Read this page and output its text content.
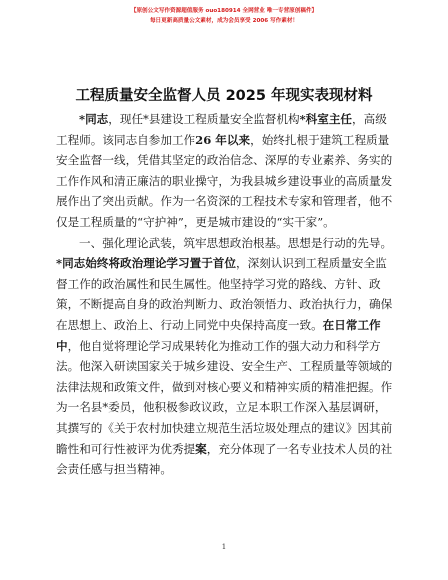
【原创公文写作资源超值服务 ouo180914 全网营业 唯一专营原创稿件】
每日更新高质量公文素材，成为会员享受 2006 写作素材！
工程质量安全监督人员 2025 年现实表现材料

*同志，现任*县建设工程质量安全监督机构*科室主任，高级工程师。该同志自参加工作26 年以来，始终扎根于建筑工程质量安全监督一线，凭借其坚定的政治信念、深厚的专业素养、务实的工作作风和清正廉洁的职业操守，为我县城乡建设事业的高质量发展作出了突出贡献。作为一名资深的工程技术专家和管理者，他不仅是工程质量的“守护神”，更是城市建设的“实干家”。

一、强化理论武装，筑牢思想政治根基。思想是行动的先导。*同志始终将政治理论学习置于首位，深刻认识到工程质量安全监督工作的政治属性和民生属性。他坚持学习党的路线、方针、政策，不断提高自身的政治判断力、政治领悟力、政治执行力，确保在思想上、政治上、行动上同党中央保持高度一致。在日常工作中，他自觉将理论学习成果转化为推动工作的强大动力和科学方法。他深入研读国家关于城乡建设、安全生产、工程质量等领域的法律法规和政策文件，做到对核心要义和精神实质的精准把握。作为一名县*委员，他积极参政议政，立足本职工作深入基层调研，其撰写的《关于农村加快建立规范生活垃圾处理点的建议》因其前瞻性和可行性被评为优秀提案，充分体现了一名专业技术人员的社会责任感与担当精神。

1
